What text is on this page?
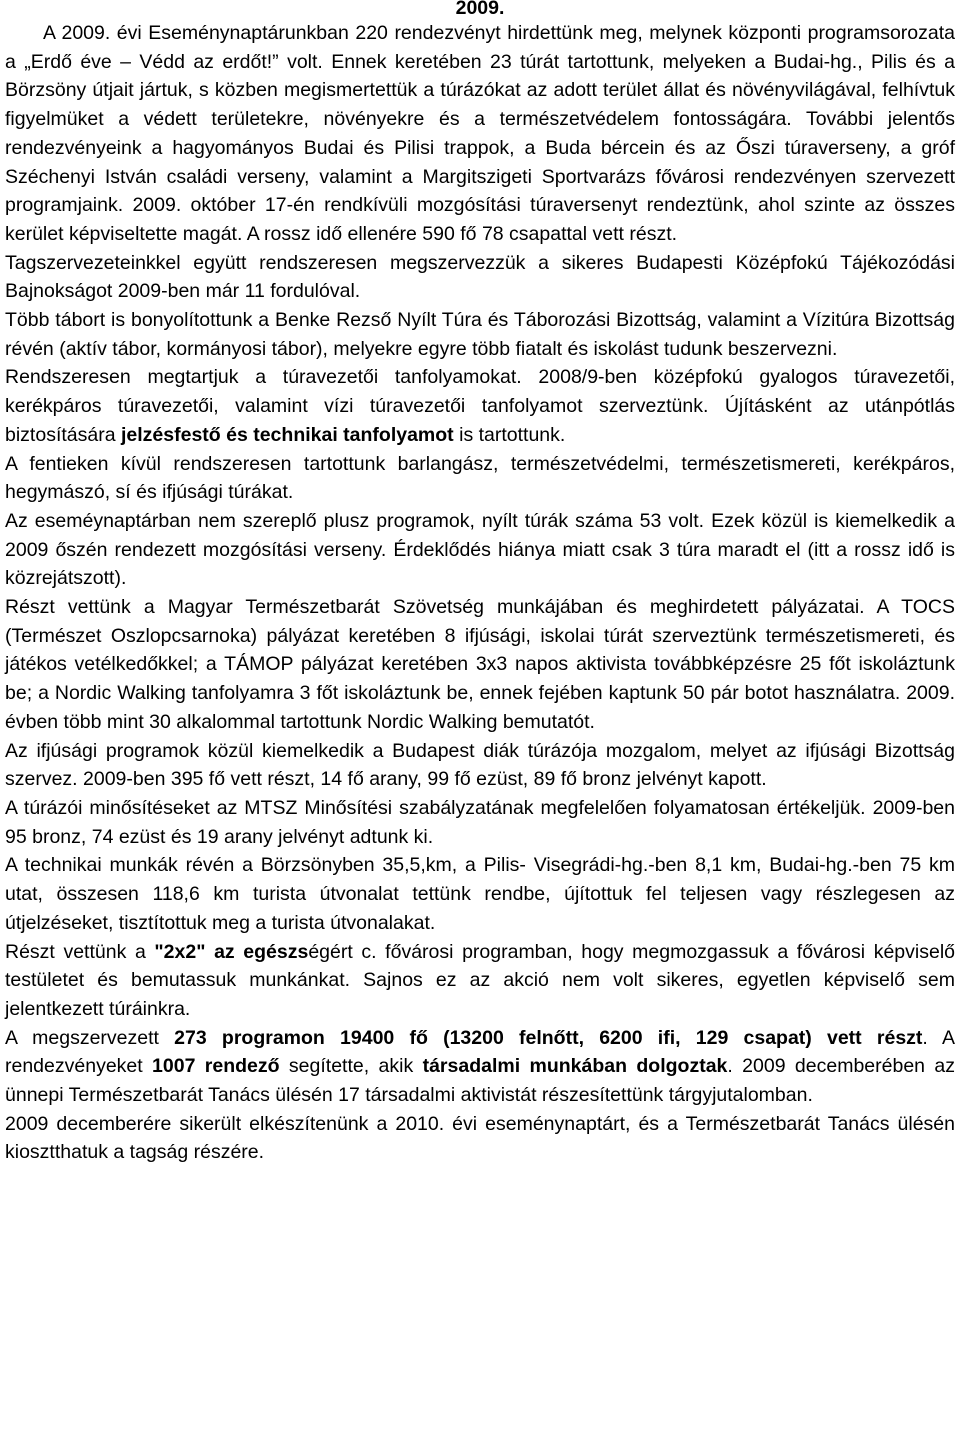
2009.

A 2009. évi Eseménynaptárunkban 220 rendezvényt hirdettünk meg, melynek központi programsorozata a „Erdő éve – Védd az erdőt!” volt. Ennek keretében 23 túrát tartottunk, melyeken a Budai-hg., Pilis és a Börzsöny útjait jártuk, s közben megismertettük a túrázókat az adott terület állat és növényvilágával, felhívtuk figyelmüket a védett területekre, növényekre és a természetvédelem fontosságára. További jelentős rendezvényeink a hagyományos Budai és Pilisi trappok, a Buda bércein és az Őszi túraverseny, a gróf Széchenyi István családi verseny, valamint a Margitszigeti Sportvarázs fővárosi rendezvényen szervezett programjaink. 2009. október 17-én rendkívüli mozgósítási túraversenyt rendeztünk, ahol szinte az összes kerület képviseltette magát. A rossz idő ellenére 590 fő 78 csapattal vett részt.

Tagszervezeteinkkel együtt rendszeresen megszervezzük a sikeres Budapesti Középfokú Tájékozódási Bajnokságot 2009-ben már 11 fordulóval.

Több tábort is bonyolítottunk a Benke Rezső Nyílt Túra és Táborozási Bizottság, valamint a Vízitúra Bizottság révén (aktív tábor, kormányosi tábor), melyekre egyre több fiatalt és iskolást tudunk beszervezni.

Rendszeresen megtartjuk a túravezetői tanfolyamokat. 2008/9-ben középfokú gyalogos túravezetői, kerékpáros túravezetői, valamint vízi túravezetői tanfolyamot szerveztünk. Újításként az utánpótlás biztosítására jelzésfestő és technikai tanfolyamot is tartottunk.

A fentieken kívül rendszeresen tartottunk barlangász, természetvédelmi, természetismereti, kerékpáros, hegymászó, sí és ifjúsági túrákat.

Az eseméynaptárban nem szereplő plusz programok, nyílt túrák száma 53 volt. Ezek közül is kiemelkedik a 2009 őszén rendezett mozgósítási verseny. Érdeklődés hiánya miatt csak 3 túra maradt el (itt a rossz idő is közrejátszott).

Részt vettünk a Magyar Természetbarát Szövetség munkájában és meghirdetett pályázatai. A TOCS (Természet Oszlopcsarnoka) pályázat keretében 8 ifjúsági, iskolai túrát szerveztünk természetismereti, és játékos vetélkedőkkel; a TÁMOP pályázat keretében 3x3 napos aktivista továbbképzésre 25 főt iskoláztunk be; a Nordic Walking tanfolyamra 3 főt iskoláztunk be, ennek fejében kaptunk 50 pár botot használatra. 2009. évben több mint 30 alkalommal tartottunk Nordic Walking bemutatót.

Az ifjúsági programok közül kiemelkedik a Budapest diák túrázója mozgalom, melyet az ifjúsági Bizottság szervez. 2009-ben 395 fő vett részt, 14 fő arany, 99 fő ezüst, 89 fő bronz jelvényt kapott.

A túrázói minősítéseket az MTSZ Minősítési szabályzatának megfelelően folyamatosan értékeljük. 2009-ben 95 bronz, 74 ezüst és 19 arany jelvényt adtunk ki.

A technikai munkák révén a Börzsönyben 35,5,km, a Pilis- Visegrádi-hg.-ben 8,1 km, Budai-hg.-ben 75 km utat, összesen 118,6 km turista útvonalat tettünk rendbe, újítottuk fel teljesen vagy részlegesen az útjelzéseket, tisztítottuk meg a turista útvonalakat.

Részt vettünk a "2x2" az egészségért c. fővárosi programban, hogy megmozgassuk a fővárosi képviselő testületet és bemutassuk munkánkat. Sajnos ez az akció nem volt sikeres, egyetlen képviselő sem jelentkezett túráinkra.

A megszervezett 273 programon 19400 fő (13200 felnőtt, 6200 ifi, 129 csapat) vett részt. A rendezvényeket 1007 rendező segítette, akik társadalmi munkában dolgoztak. 2009 decemberében az ünnepi Természetbarát Tanács ülésén 17 társadalmi aktivistát részesítettünk tárgyjutalomban.

2009 decemberére sikerült elkészítenünk a 2010. évi eseménynaptárt, és a Természetbarát Tanács ülésén kiosztthatuk a tagság részére.
